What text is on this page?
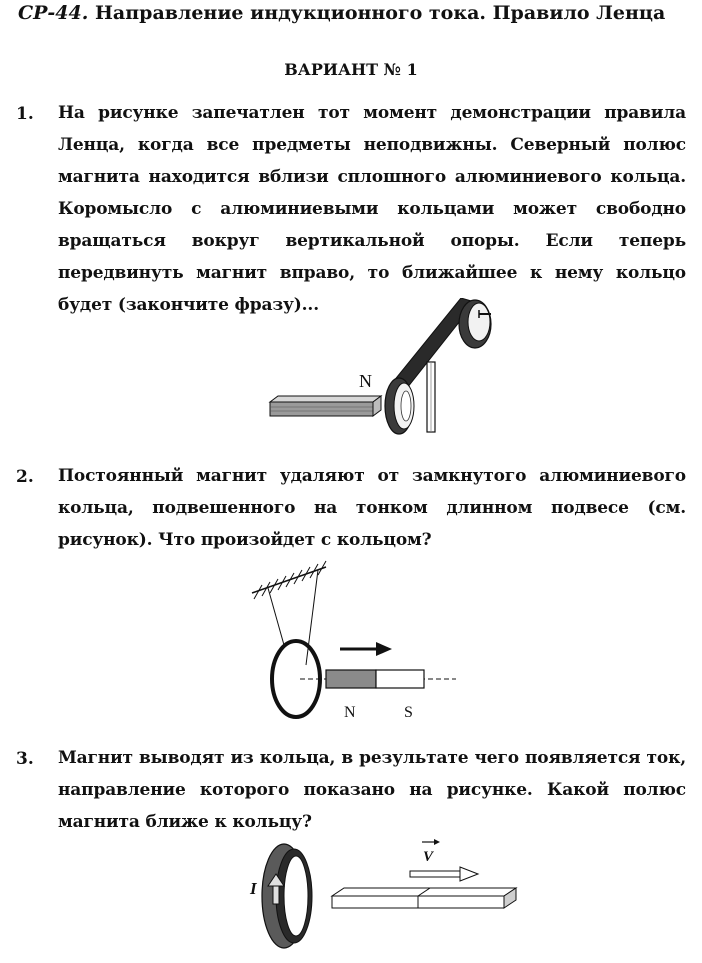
СР-44. Направление индукционного тока. Правило Ленца
ВАРИАНТ № 1
1. На рисунке запечатлен тот момент демонстрации правила Ленца, когда все предметы неподвижны. Северный полюс магнита находится вблизи сплошного алюминиевого кольца. Коромысло с алюминиевыми кольцами может свободно вращаться вокруг вертикальной опоры. Если теперь передвинуть магнит вправо, то ближайшее к нему кольцо будет (закончите фразу)...
N
2. Постоянный магнит удаляют от замкнутого алюминиевого кольца, подвешенного на тонком длинном подвесе (см. рисунок). Что произойдет с кольцом?
N	S
3. Магнит выводят из кольца, в результате чего появляется ток, направление которого показано на рисунке. Какой полюс магнита ближе к кольцу?
I
V
